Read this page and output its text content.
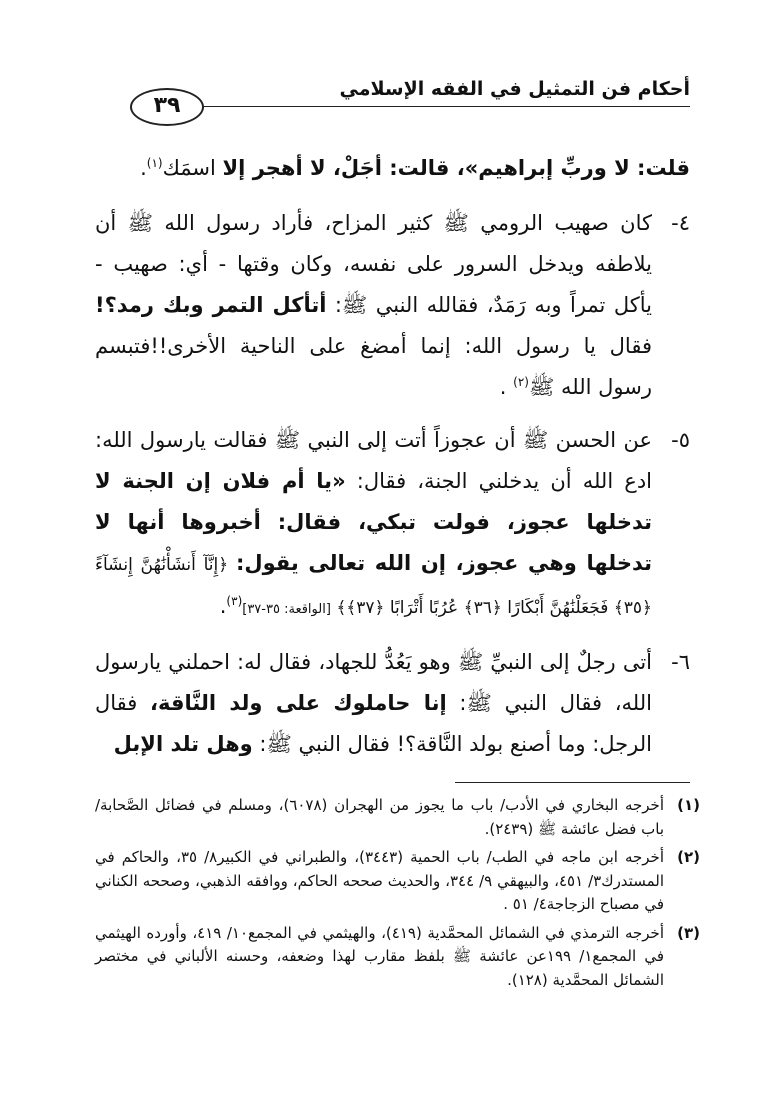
أحكام فن التمثيل في الفقه الإسلامي
٣٩

قلت: لا وربِّ إبراهيم»، قالت: أجَلْ، لا أهجر إلا اسمَك$^{(١)}$.

٤-
كان صهيب الرومي ﷺ كثير المزاح، فأراد رسول الله ﷺ أن يلاطفه ويدخل السرور على نفسه، وكان وقتها - أي: صهيب - يأكل تمراً وبه رَمَدٌ، فقالله النبي ﷺ: أتأكل التمر وبك رمد؟! فقال يا رسول الله: إنما أمضغ على الناحية الأخرى!!فتبسم رسول الله ﷺ$^{(٢)}$ .
٥-
عن الحسن ﷺ أن عجوزاً أتت إلى النبي ﷺ فقالت يارسول الله: ادع الله أن يدخلني الجنة، فقال: «يا أم فلان إن الجنة لا تدخلها عجوز، فولت تبكي، فقال: أخبروها أنها لا تدخلها وهي عجوز، إن الله تعالى يقول: ﴿إِنَّآ أَنشَأْنَٰهُنَّ إِنشَآءً ﴿٣٥﴾ فَجَعَلْنَٰهُنَّ أَبْكَارًا ﴿٣٦﴾ عُرُبًا أَتْرَابًا ﴿٣٧﴾﴾ [الواقعة: ٣٥-٣٧]$^{(٣)}$.
٦-
أتى رجلٌ إلى النبيِّ ﷺ وهو يَعُدُّ للجهاد، فقال له: احملني يارسول الله، فقال النبي ﷺ: إنا حاملوك على ولد النَّاقة، فقال الرجل: وما أصنع بولد النَّاقة؟! فقال النبي ﷺ: وهل تلد الإبل
(١)
أخرجه البخاري في الأدب/ باب ما يجوز من الهجران (٦٠٧٨)، ومسلم في فضائل الصَّحابة/ باب فضل عائشة ﷺ (٢٤٣٩).
(٢)
أخرجه ابن ماجه في الطب/ باب الحمية (٣٤٤٣)، والطبراني في الكبير٨/ ٣٥، والحاكم في المستدرك٣/ ٤٥١، والبيهقي ٩/ ٣٤٤، والحديث صححه الحاكم، ووافقه الذهبي، وصححه الكناني في مصباح الزجاجة٤/ ٥١ .
(٣)
أخرجه الترمذي في الشمائل المحمَّدية (٤١٩)، والهيثمي في المجمع١٠/ ٤١٩، وأورده الهيثمي في المجمع١/ ١٩٩عن عائشة ﷺ بلفظ مقارب لهذا وضعفه، وحسنه الألباني في مختصر الشمائل المحمَّدية (١٢٨).
